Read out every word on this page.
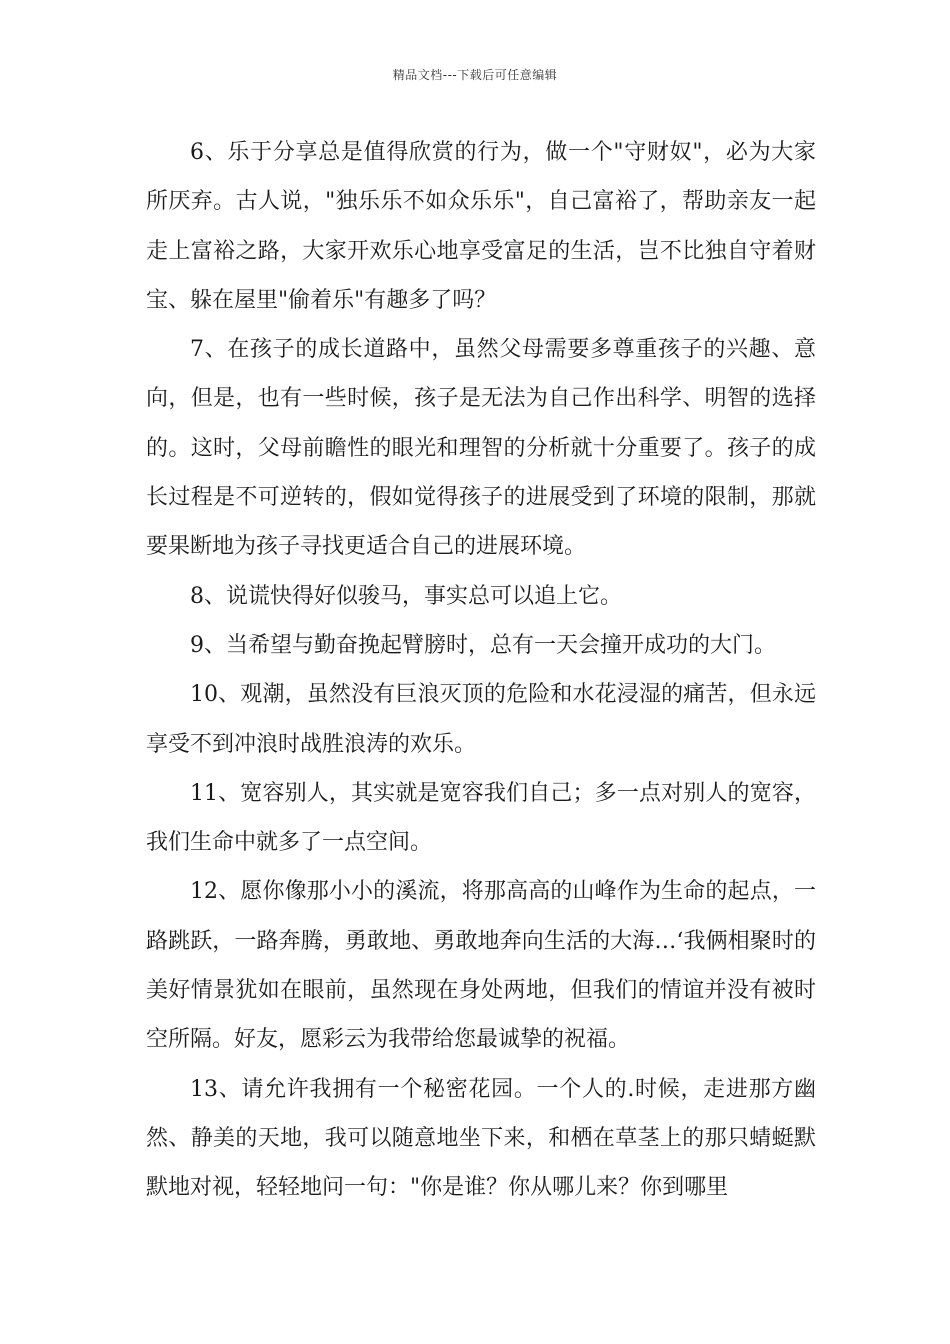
精品文档---下载后可任意编辑

6、乐于分享总是值得欣赏的行为，做一个"守财奴"，必为大家所厌弃。古人说，"独乐乐不如众乐乐"，自己富裕了，帮助亲友一起走上富裕之路，大家开欢乐心地享受富足的生活，岂不比独自守着财宝、躲在屋里"偷着乐"有趣多了吗？

7、在孩子的成长道路中，虽然父母需要多尊重孩子的兴趣、意向，但是，也有一些时候，孩子是无法为自己作出科学、明智的选择的。这时，父母前瞻性的眼光和理智的分析就十分重要了。孩子的成长过程是不可逆转的，假如觉得孩子的进展受到了环境的限制，那就要果断地为孩子寻找更适合自己的进展环境。

8、说谎快得好似骏马，事实总可以追上它。

9、当希望与勤奋挽起臂膀时，总有一天会撞开成功的大门。

10、观潮，虽然没有巨浪灭顶的危险和水花浸湿的痛苦，但永远享受不到冲浪时战胜浪涛的欢乐。

11、宽容别人，其实就是宽容我们自己；多一点对别人的宽容，我们生命中就多了一点空间。

12、愿你像那小小的溪流，将那高高的山峰作为生命的起点，一路跳跃，一路奔腾，勇敢地、勇敢地奔向生活的大海…‘我俩相聚时的美好情景犹如在眼前，虽然现在身处两地，但我们的情谊并没有被时空所隔。好友，愿彩云为我带给您最诚挚的祝福。

13、请允许我拥有一个秘密花园。一个人的.时候，走进那方幽然、静美的天地，我可以随意地坐下来，和栖在草茎上的那只蜻蜓默默地对视，轻轻地问一句："你是谁？你从哪儿来？你到哪里
